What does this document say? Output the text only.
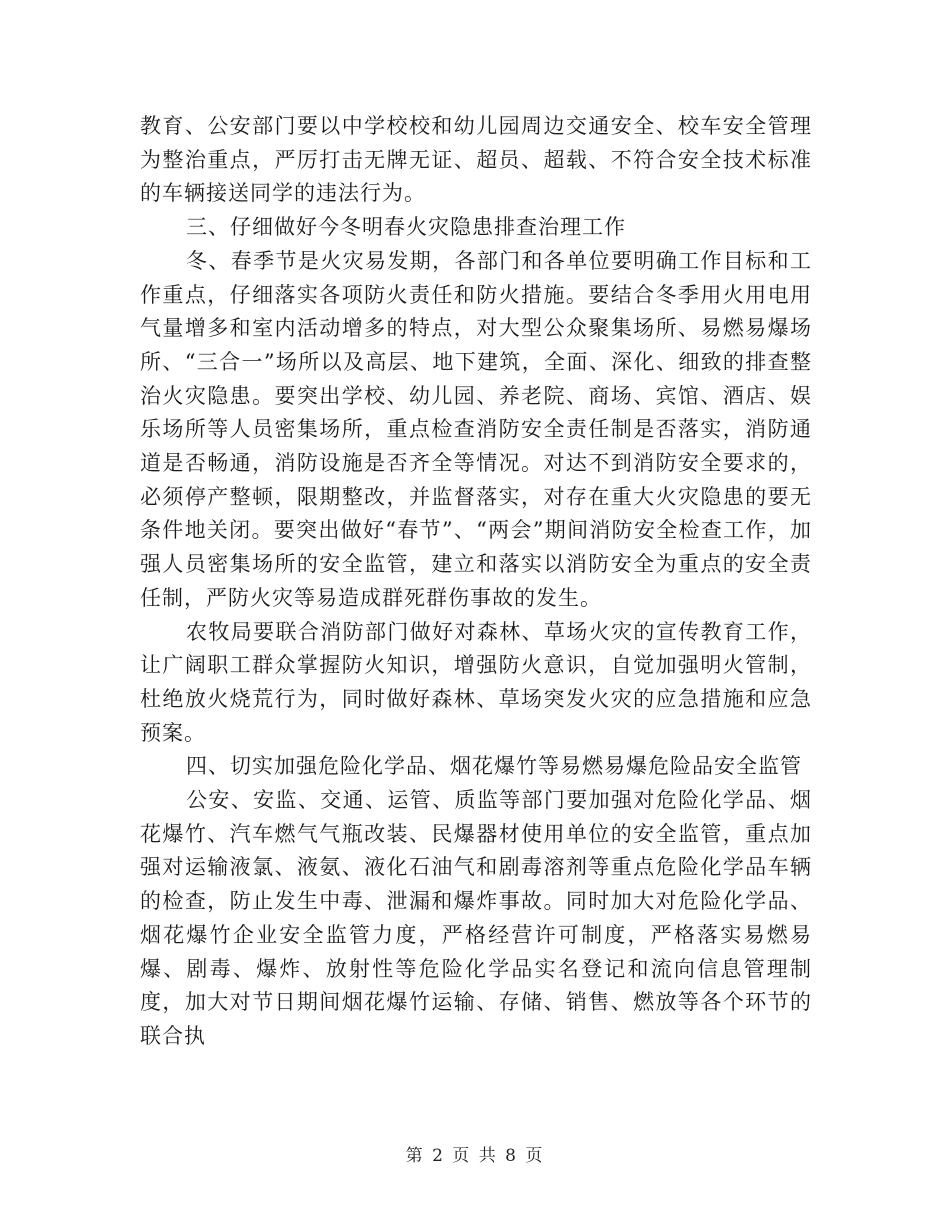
教育、公安部门要以中学校校和幼儿园周边交通安全、校车安全管理为整治重点，严厉打击无牌无证、超员、超载、不符合安全技术标准的车辆接送同学的违法行为。

三、仔细做好今冬明春火灾隐患排查治理工作

冬、春季节是火灾易发期，各部门和各单位要明确工作目标和工作重点，仔细落实各项防火责任和防火措施。要结合冬季用火用电用气量增多和室内活动增多的特点，对大型公众聚集场所、易燃易爆场所、“三合一”场所以及高层、地下建筑，全面、深化、细致的排查整治火灾隐患。要突出学校、幼儿园、养老院、商场、宾馆、酒店、娱乐场所等人员密集场所，重点检查消防安全责任制是否落实，消防通道是否畅通，消防设施是否齐全等情况。对达不到消防安全要求的，必须停产整顿，限期整改，并监督落实，对存在重大火灾隐患的要无条件地关闭。要突出做好“春节”、“两会”期间消防安全检查工作，加强人员密集场所的安全监管，建立和落实以消防安全为重点的安全责任制，严防火灾等易造成群死群伤事故的发生。

农牧局要联合消防部门做好对森林、草场火灾的宣传教育工作，让广阔职工群众掌握防火知识，增强防火意识，自觉加强明火管制，杜绝放火烧荒行为，同时做好森林、草场突发火灾的应急措施和应急预案。

四、切实加强危险化学品、烟花爆竹等易燃易爆危险品安全监管

公安、安监、交通、运管、质监等部门要加强对危险化学品、烟花爆竹、汽车燃气气瓶改装、民爆器材使用单位的安全监管，重点加强对运输液氯、液氨、液化石油气和剧毒溶剂等重点危险化学品车辆的检查，防止发生中毒、泄漏和爆炸事故。同时加大对危险化学品、烟花爆竹企业安全监管力度，严格经营许可制度，严格落实易燃易爆、剧毒、爆炸、放射性等危险化学品实名登记和流向信息管理制度，加大对节日期间烟花爆竹运输、存储、销售、燃放等各个环节的联合执

第 2 页 共 8 页
